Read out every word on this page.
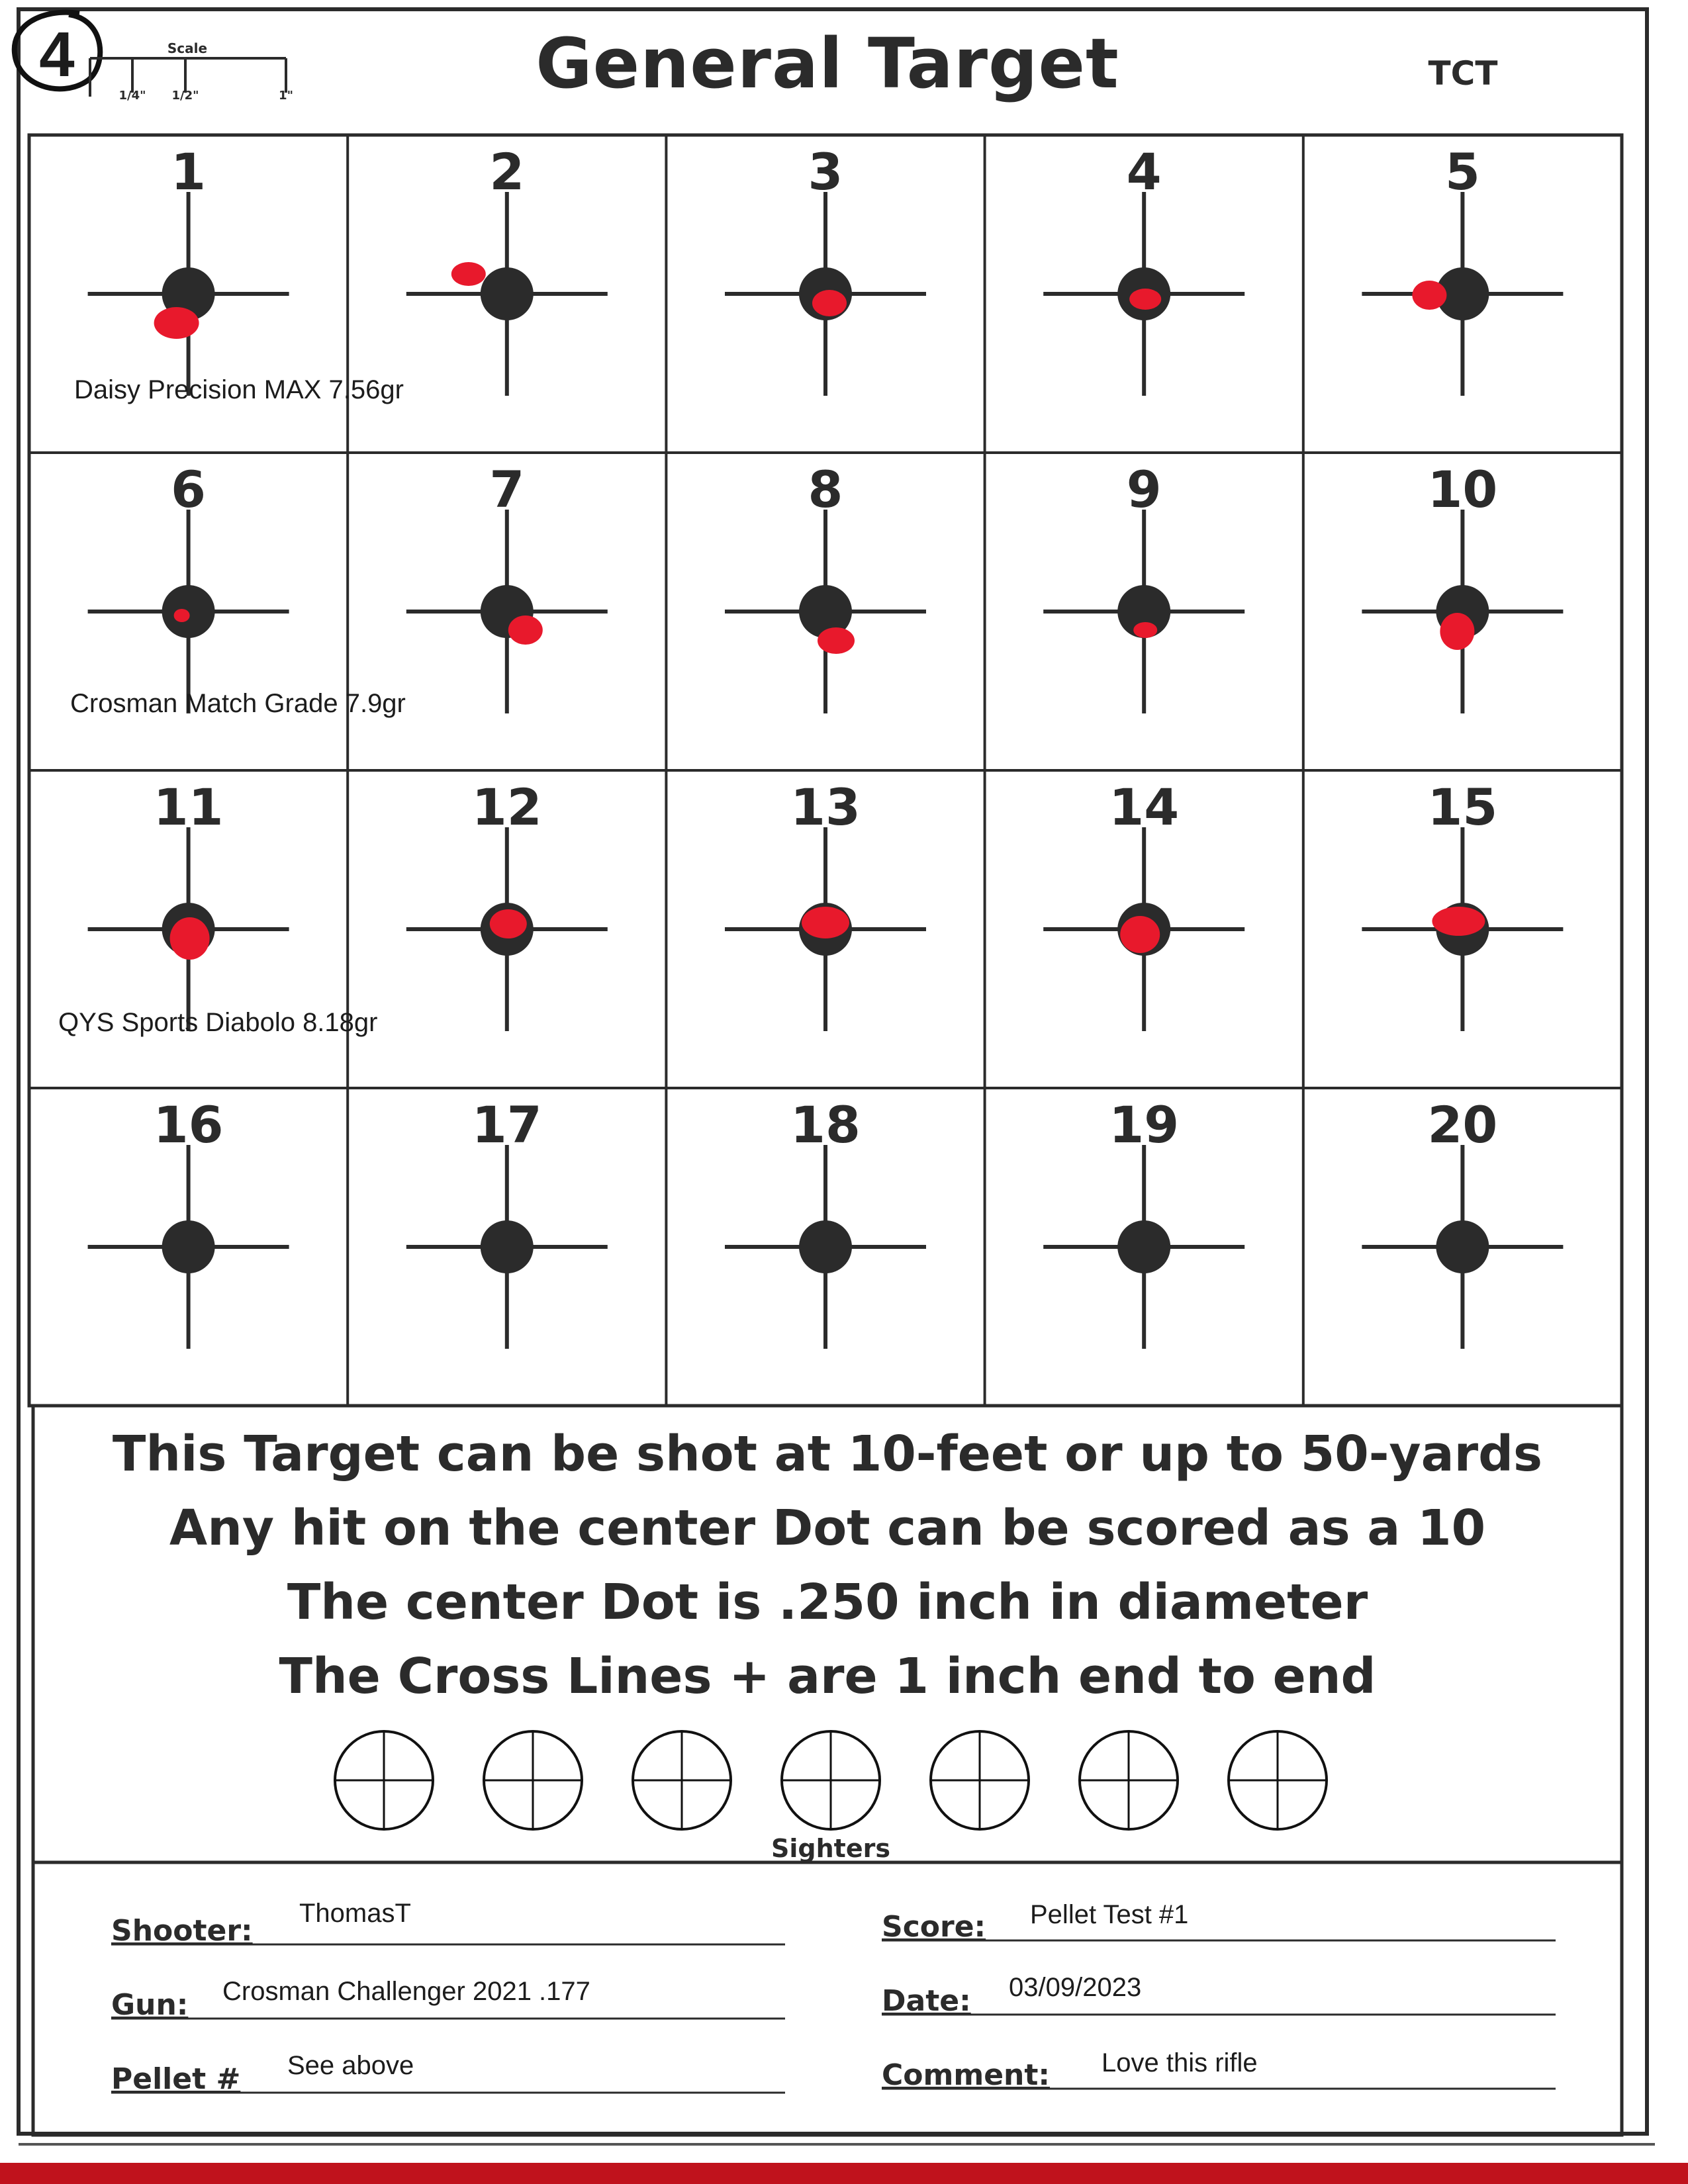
4	Scale
1/4" 1/2"	1"	General Target	TCT
1	2	3	4	5
6	7	8	9	10
11	12	13	14	15
16	17	18	19	20
Daisy Precision MAX 7.56gr
Crosman Match Grade 7.9gr
QYS Sports Diabolo 8.18gr
This Target can be shot at 10-feet or up to 50-yards
Any hit on the center Dot can be scored as a 10
The center Dot is .250 inch in diameter
The Cross Lines + are 1 inch end to end
Sighters
Shooter:
ThomasT
Gun: Crosman Challenger 2021 .177
Pellet # See above
Score: Pellet Test #1
Date: 03/09/2023
Comment: Love this rifle
